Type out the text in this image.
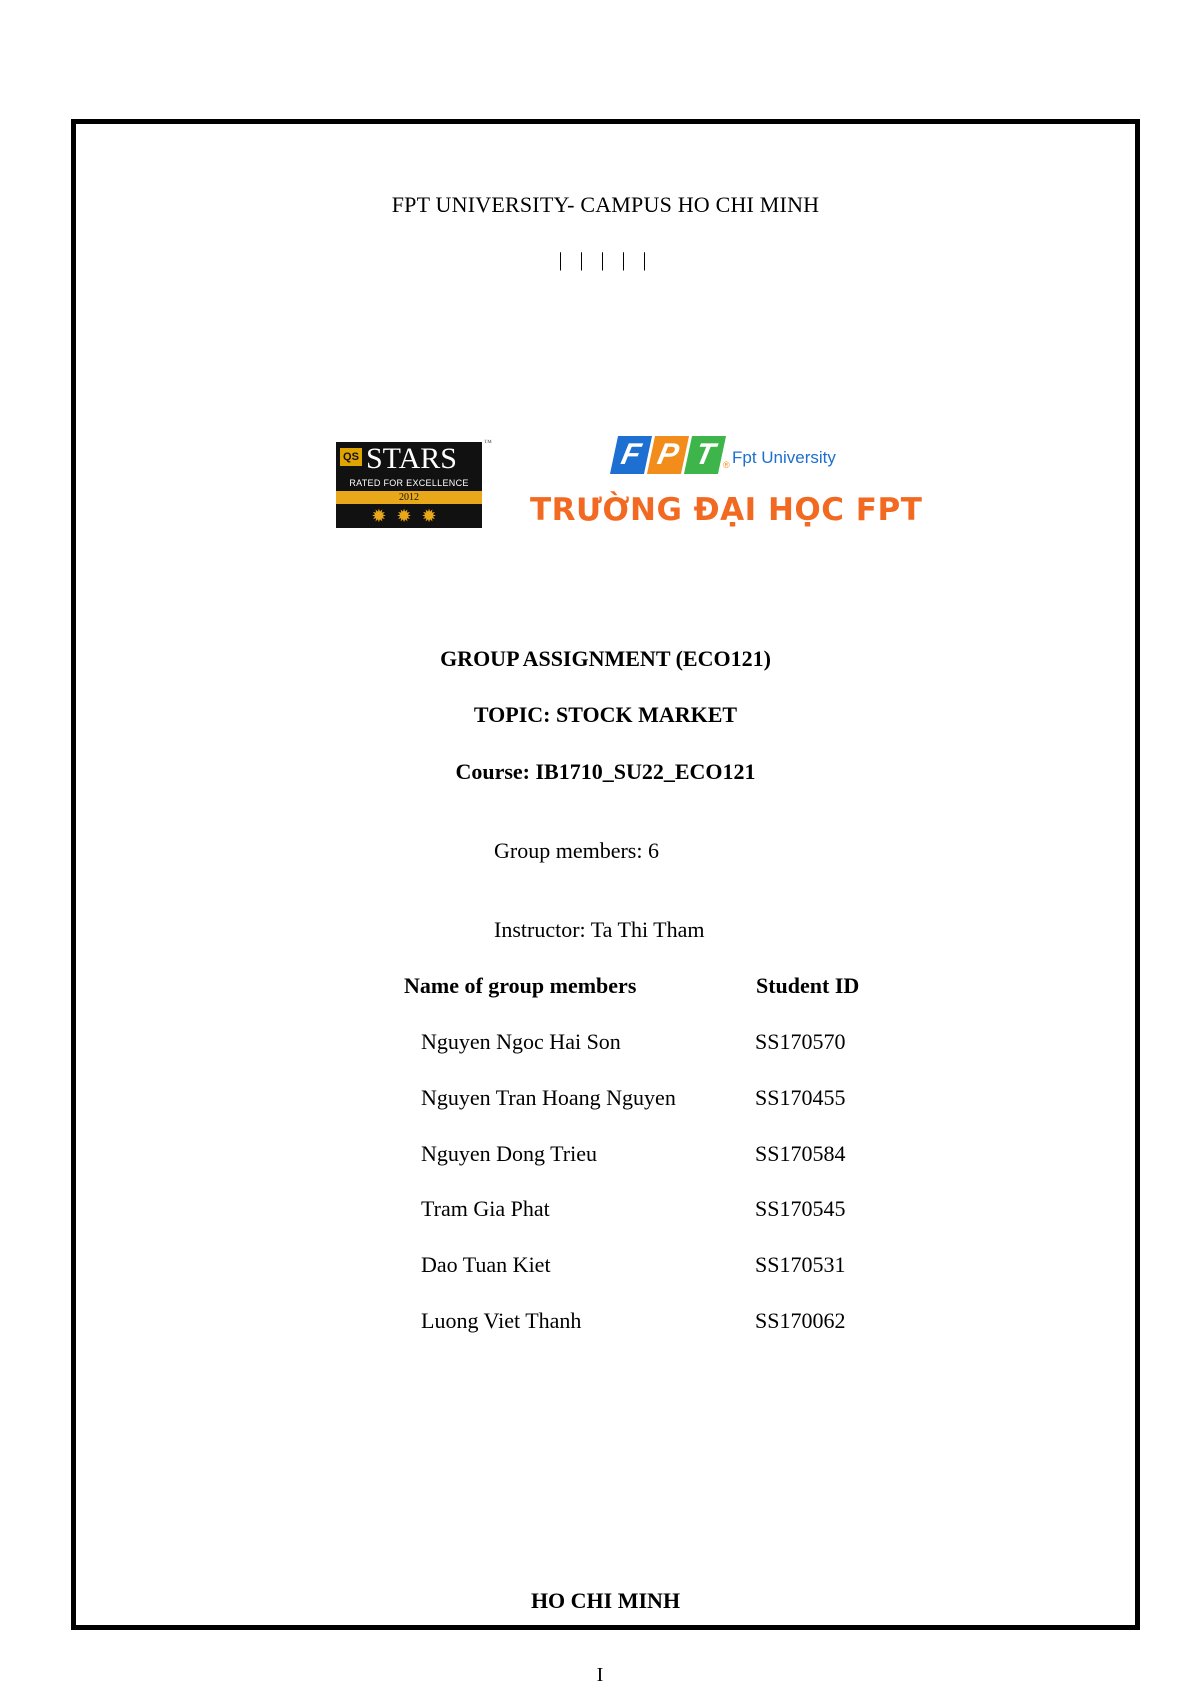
FPT UNIVERSITY- CAMPUS HO CHI MINH
| | | | |
QS STARS
RATED FOR EXCELLENCE
2012
✹✹✹
™	F P T ® Fpt University
TRƯỜNG ĐẠI HỌC FPT
GROUP ASSIGNMENT (ECO121)
TOPIC: STOCK MARKET
Course: IB1710_SU22_ECO121
Group members: 6
Instructor: Ta Thi Tham
Name of group members	Student ID
Nguyen Ngoc Hai Son	SS170570
Nguyen Tran Hoang Nguyen	SS170455
Nguyen Dong Trieu	SS170584
Tram Gia Phat	SS170545
Dao Tuan Kiet	SS170531
Luong Viet Thanh	SS170062
HO CHI MINH
I
